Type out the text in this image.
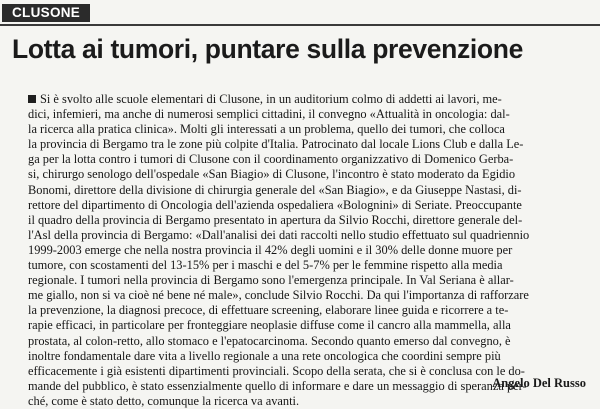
CLUSONE
Lotta ai tumori, puntare sulla prevenzione
Si è svolto alle scuole elementari di Clusone, in un auditorium colmo di addetti ai lavori, me-
dici, infemieri, ma anche di numerosi semplici cittadini, il convegno «Attualità in oncologia: dal-
la ricerca alla pratica clinica». Molti gli interessati a un problema, quello dei tumori, che colloca
la provincia di Bergamo tra le zone più colpite d'Italia. Patrocinato dal locale Lions Club e dalla Le-
ga per la lotta contro i tumori di Clusone con il coordinamento organizzativo di Domenico Gerba-
si, chirurgo senologo dell'ospedale «San Biagio» di Clusone, l'incontro è stato moderato da Egidio
Bonomi, direttore della divisione di chirurgia generale del «San Biagio», e da Giuseppe Nastasi, di-
rettore del dipartimento di Oncologia dell'azienda ospedaliera «Bolognini» di Seriate. Preoccupante
il quadro della provincia di Bergamo presentato in apertura da Silvio Rocchi, direttore generale del-
l'Asl della provincia di Bergamo: «Dall'analisi dei dati raccolti nello studio effettuato sul quadriennio
1999-2003 emerge che nella nostra provincia il 42% degli uomini e il 30% delle donne muore per
tumore, con scostamenti del 13-15% per i maschi e del 5-7% per le femmine rispetto alla media
regionale. I tumori nella provincia di Bergamo sono l'emergenza principale. In Val Seriana è allar-
me giallo, non si va cioè né bene né male», conclude Silvio Rocchi. Da qui l'importanza di rafforzare
la prevenzione, la diagnosi precoce, di effettuare screening, elaborare linee guida e ricorrere a te-
rapie efficaci, in particolare per fronteggiare neoplasie diffuse come il cancro alla mammella, alla
prostata, al colon-retto, allo stomaco e l'epatocarcinoma. Secondo quanto emerso dal convegno, è
inoltre fondamentale dare vita a livello regionale a una rete oncologica che coordini sempre più
efficacemente i già esistenti dipartimenti provinciali. Scopo della serata, che si è conclusa con le do-
mande del pubblico, è stato essenzialmente quello di informare e dare un messaggio di speranza per-
ché, come è stato detto, comunque la ricerca va avanti.
Angelo Del Russo
